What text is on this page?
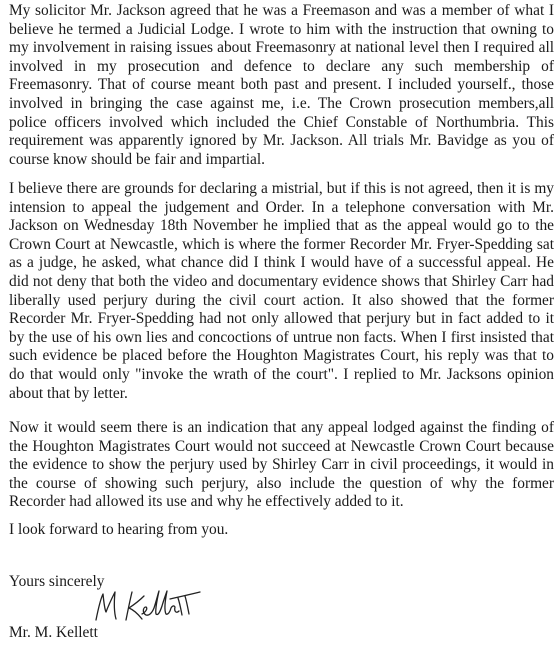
My solicitor Mr. Jackson agreed that he was a Freemason and was a member of what I believe he termed a Judicial Lodge. I wrote to him with the instruction that owning to my involvement in raising issues about Freemasonry at national level then I required all involved in my prosecution and defence to declare any such membership of Freemasonry. That of course meant both past and present. I included yourself., those involved in bringing the case against me, i.e. The Crown prosecution members,all police officers involved which included the Chief Constable of Northumbria. This requirement was apparently ignored by Mr. Jackson. All trials Mr. Bavidge as you of course know should be fair and impartial.

I believe there are grounds for declaring a mistrial, but if this is not agreed, then it is my intension to appeal the judgement and Order. In a telephone conversation with Mr. Jackson on Wednesday 18th November he implied that as the appeal would go to the Crown Court at Newcastle, which is where the former Recorder Mr. Fryer-Spedding sat as a judge, he asked, what chance did I think I would have of a successful appeal. He did not deny that both the video and documentary evidence shows that Shirley Carr had liberally used perjury during the civil court action. It also showed that the former Recorder Mr. Fryer-Spedding had not only allowed that perjury but in fact added to it by the use of his own lies and concoctions of untrue non facts. When I first insisted that such evidence be placed before the Houghton Magistrates Court, his reply was that to do that would only "invoke the wrath of the court". I replied to Mr. Jacksons opinion about that by letter.

Now it would seem there is an indication that any appeal lodged against the finding of the Houghton Magistrates Court would not succeed at Newcastle Crown Court because the evidence to show the perjury used by Shirley Carr in civil proceedings, it would in the course of showing such perjury, also include the question of why the former Recorder had allowed its use and why he effectively added to it.

I look forward to hearing from you.

Yours sincerely

Mr. M. Kellett
